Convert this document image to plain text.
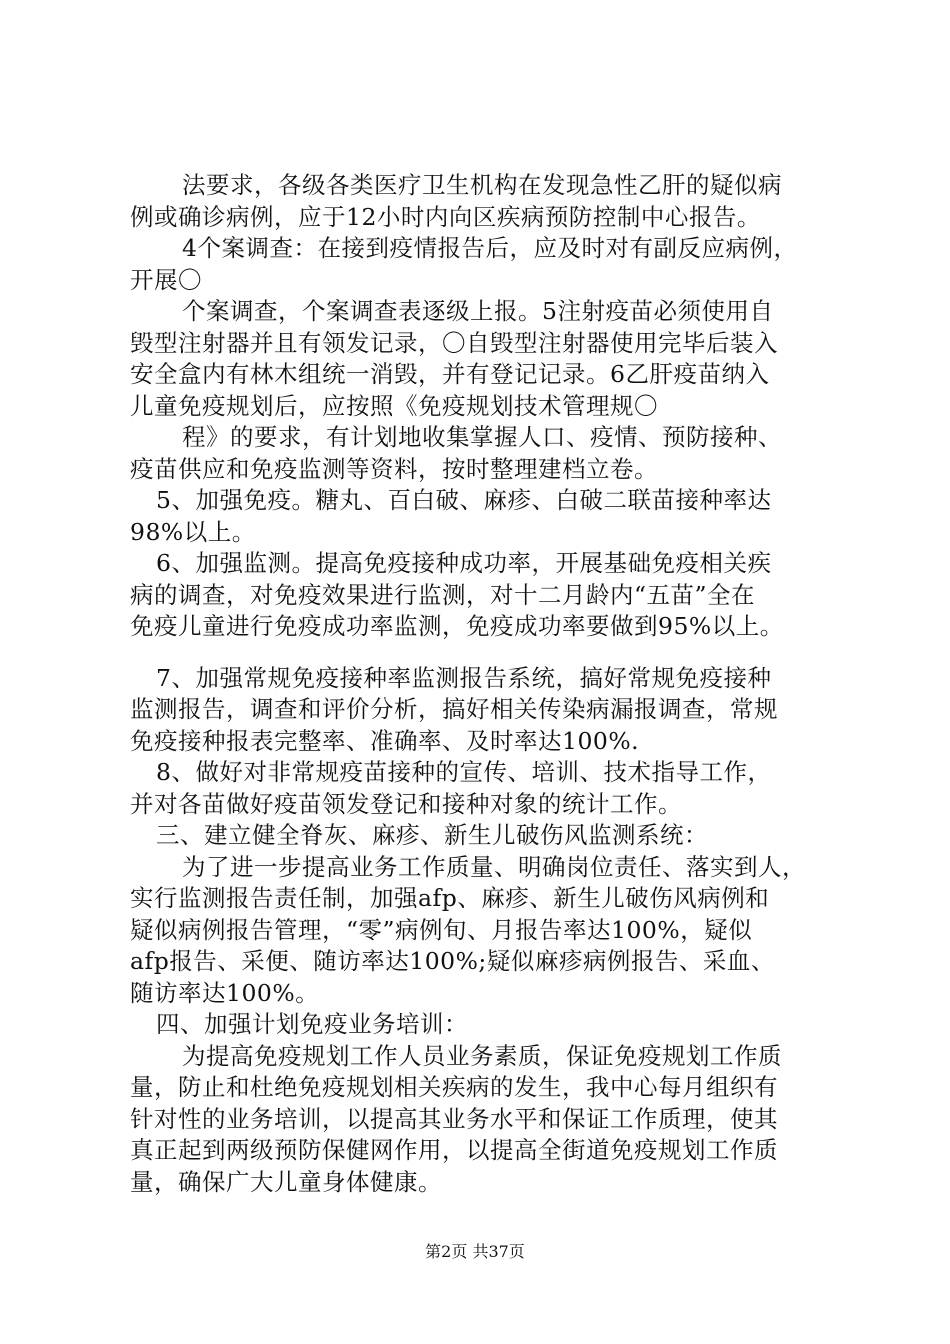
法要求，各级各类医疗卫生机构在发现急性乙肝的疑似病
例或确诊病例，应于12小时内向区疾病预防控制中心报告。
4个案调查：在接到疫情报告后，应及时对有副反应病例，
开展〇
个案调查，个案调查表逐级上报。5注射疫苗必须使用自
毁型注射器并且有领发记录，〇自毁型注射器使用完毕后装入
安全盒内有林木组统一消毁，并有登记记录。6乙肝疫苗纳入
儿童免疫规划后，应按照《免疫规划技术管理规〇
程》的要求，有计划地收集掌握人口、疫情、预防接种、
疫苗供应和免疫监测等资料，按时整理建档立卷。
5、加强免疫。糖丸、百白破、麻疹、白破二联苗接种率达
98%以上。
6、加强监测。提高免疫接种成功率，开展基础免疫相关疾
病的调查，对免疫效果进行监测，对十二月龄内“五苗”全在
免疫儿童进行免疫成功率监测，免疫成功率要做到95%以上。
7、加强常规免疫接种率监测报告系统，搞好常规免疫接种
监测报告，调查和评价分析，搞好相关传染病漏报调查，常规
免疫接种报表完整率、准确率、及时率达100%.
8、做好对非常规疫苗接种的宣传、培训、技术指导工作，
并对各苗做好疫苗领发登记和接种对象的统计工作。
三、建立健全脊灰、麻疹、新生儿破伤风监测系统：
为了进一步提高业务工作质量、明确岗位责任、落实到人，
实行监测报告责任制，加强afp、麻疹、新生儿破伤风病例和
疑似病例报告管理，“零”病例旬、月报告率达100%，疑似
afp报告、采便、随访率达100%;疑似麻疹病例报告、采血、
随访率达100%。
四、加强计划免疫业务培训：
为提高免疫规划工作人员业务素质，保证免疫规划工作质
量，防止和杜绝免疫规划相关疾病的发生，我中心每月组织有
针对性的业务培训，以提高其业务水平和保证工作质理，使其
真正起到两级预防保健网作用，以提高全街道免疫规划工作质
量，确保广大儿童身体健康。
第2页 共37页
